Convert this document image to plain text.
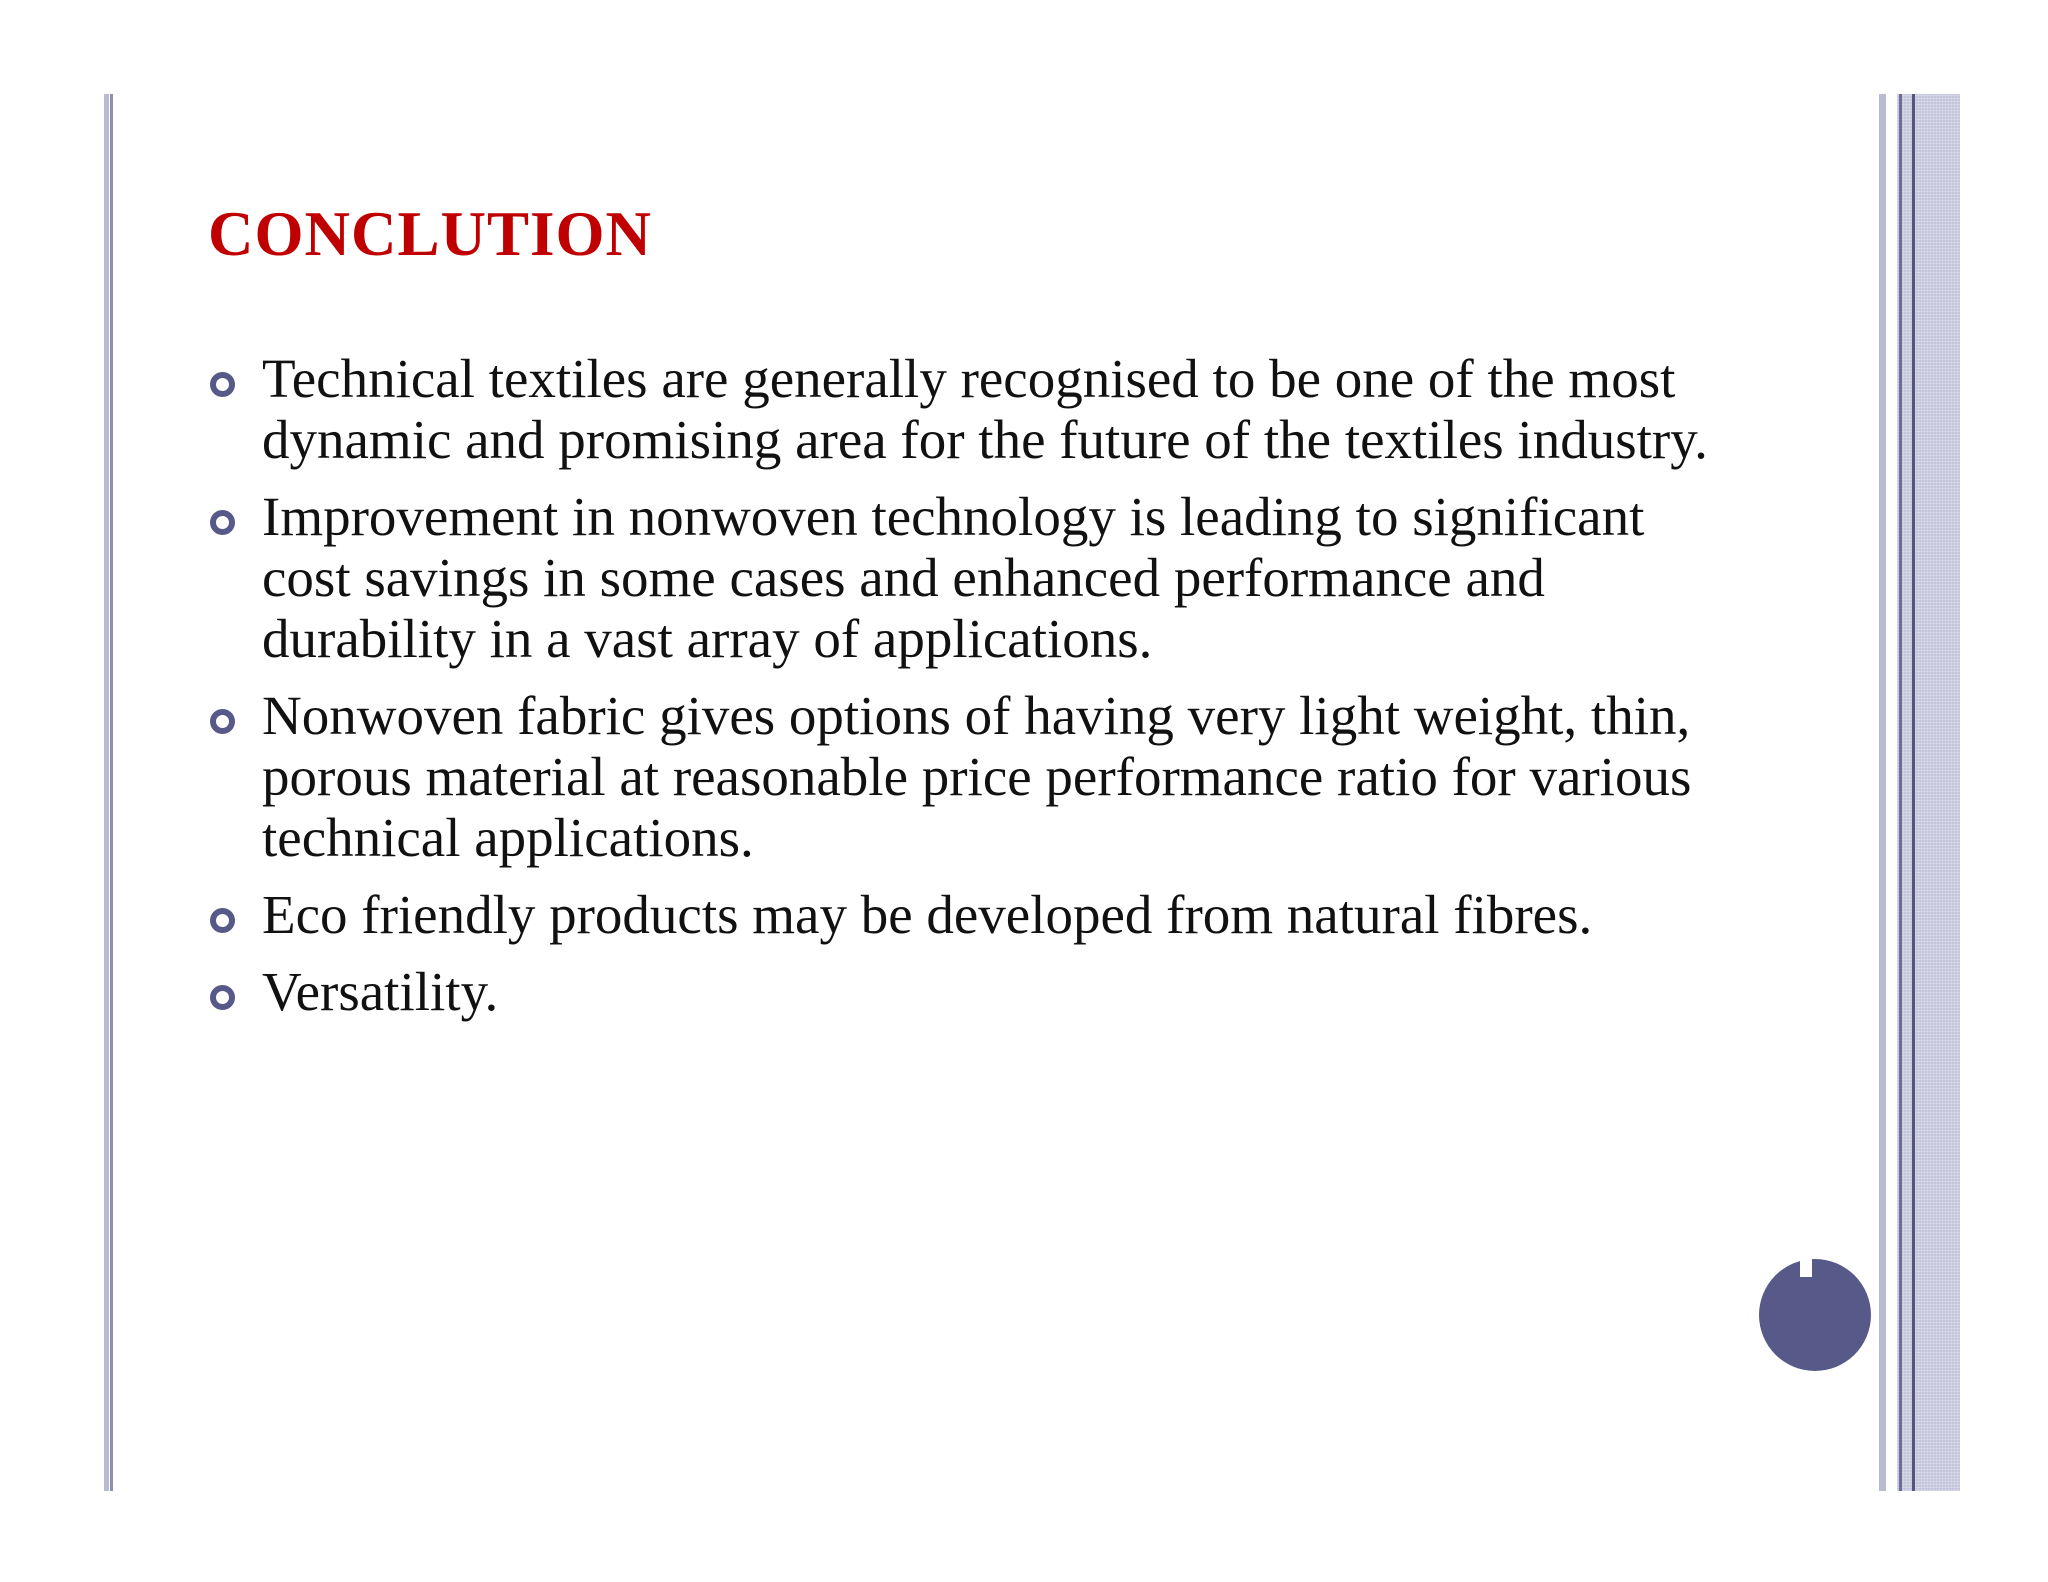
CONCLUTION
Technical textiles are generally recognised to be one of the most dynamic and promising area for the future of the textiles industry.
Improvement in nonwoven technology is leading to significant cost savings in some cases and enhanced performance and durability in a vast array of applications.
Nonwoven fabric gives options of having very light weight, thin, porous material at reasonable price performance ratio for various technical applications.
Eco friendly products may be developed from natural fibres.
Versatility.
